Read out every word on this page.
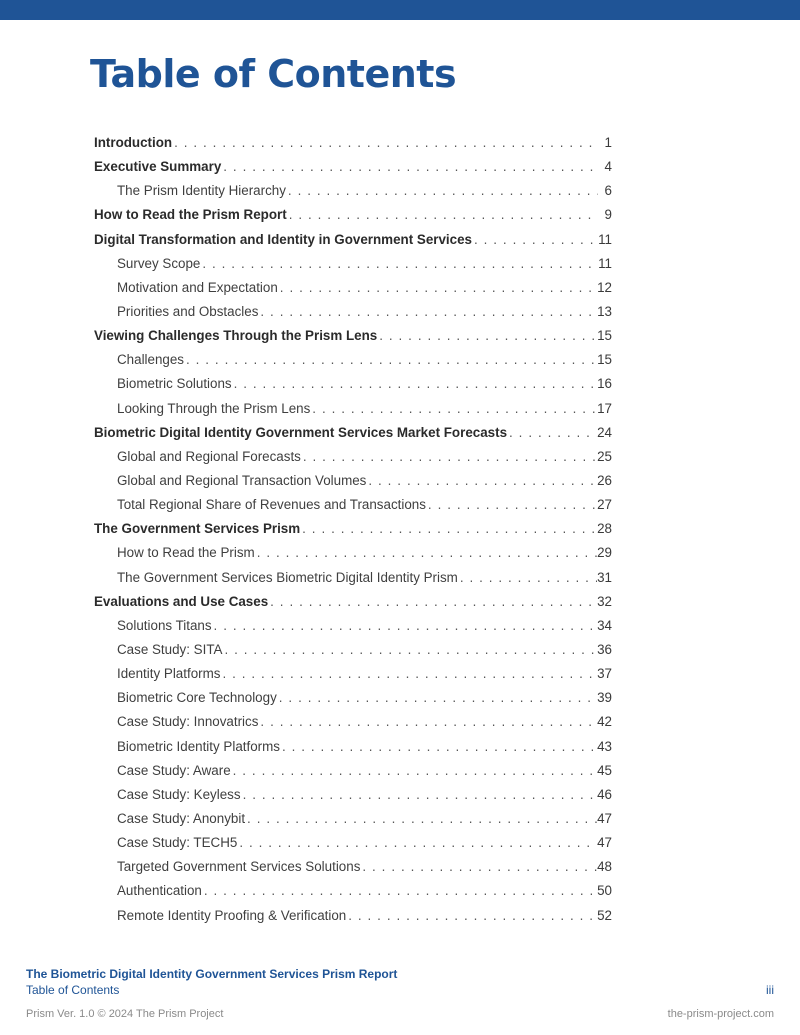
Table of Contents
Introduction . . .	1
Executive Summary . . .	4
The Prism Identity Hierarchy . . .	6
How to Read the Prism Report . . .	9
Digital Transformation and Identity in Government Services . . .	11
Survey Scope . . .	11
Motivation and Expectation . . .	12
Priorities and Obstacles . . .	13
Viewing Challenges Through the Prism Lens . . .	15
Challenges . . .	15
Biometric Solutions . . .	16
Looking Through the Prism Lens . . .	17
Biometric Digital Identity Government Services Market Forecasts . . .	24
Global and Regional Forecasts . . .	25
Global and Regional Transaction Volumes . . .	26
Total Regional Share of Revenues and Transactions . . .	27
The Government Services Prism . . .	28
How to Read the Prism . . .	29
The Government Services Biometric Digital Identity Prism . . .	31
Evaluations and Use Cases . . .	32
Solutions Titans . . .	34
Case Study: SITA . . .	36
Identity Platforms . . .	37
Biometric Core Technology . . .	39
Case Study: Innovatrics . . .	42
Biometric Identity Platforms . . .	43
Case Study: Aware . . .	45
Case Study: Keyless . . .	46
Case Study: Anonybit . . .	47
Case Study: TECH5 . . .	47
Targeted Government Services Solutions . . .	48
Authentication . . .	50
Remote Identity Proofing & Verification . . .	52
The Biometric Digital Identity Government Services Prism Report
Table of Contents	iii
Prism Ver. 1.0 © 2024 The Prism Project	the-prism-project.com
